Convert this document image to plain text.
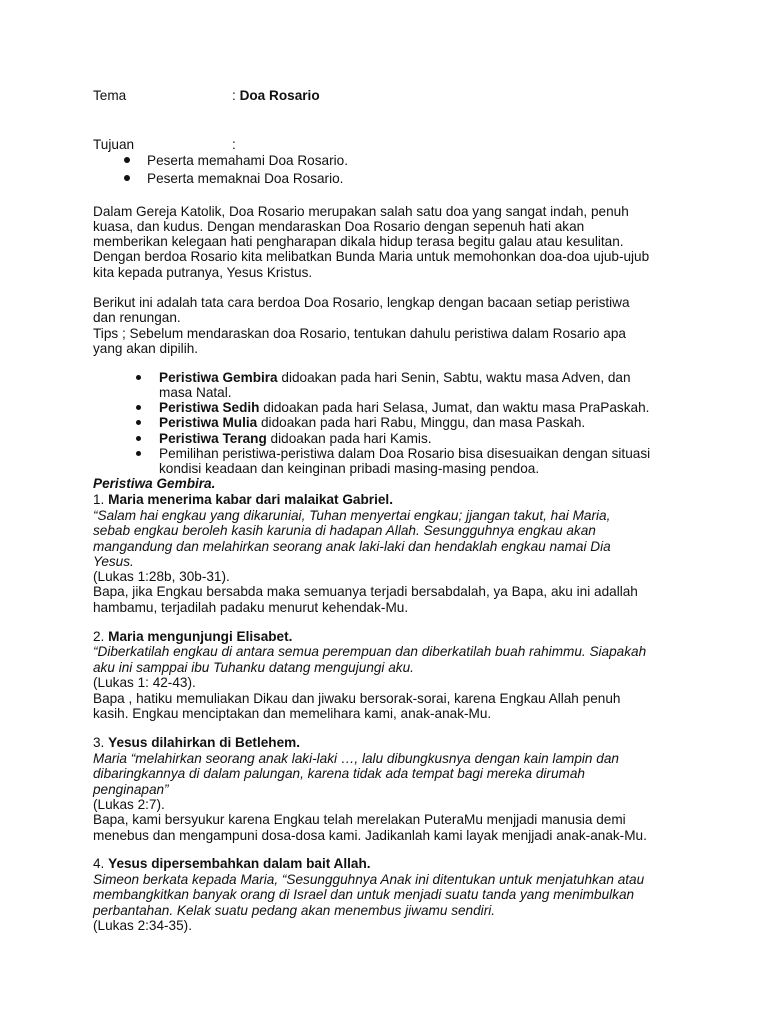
Tema	: Doa Rosario
Tujuan	:
Peserta memahami Doa Rosario.
Peserta memaknai Doa Rosario.
Dalam Gereja Katolik, Doa Rosario merupakan salah satu doa yang sangat indah, penuh
kuasa, dan kudus. Dengan mendaraskan Doa Rosario dengan sepenuh hati akan
memberikan kelegaan hati pengharapan dikala hidup terasa begitu galau atau kesulitan.
Dengan berdoa Rosario kita melibatkan Bunda Maria untuk memohonkan doa-doa ujub-ujub
kita kepada putranya, Yesus Kristus.
Berikut ini adalah tata cara berdoa Doa Rosario, lengkap dengan bacaan setiap peristiwa
dan renungan.
Tips ; Sebelum mendaraskan doa Rosario, tentukan dahulu peristiwa dalam Rosario apa
yang akan dipilih.
Peristiwa Gembira didoakan pada hari Senin, Sabtu, waktu masa Adven, dan
masa Natal.
Peristiwa Sedih didoakan pada hari Selasa, Jumat, dan waktu masa PraPaskah.
Peristiwa Mulia didoakan pada hari Rabu, Minggu, dan masa Paskah.
Peristiwa Terang didoakan pada hari Kamis.
Pemilihan peristiwa-peristiwa dalam Doa Rosario bisa disesuaikan dengan situasi
kondisi keadaan dan keinginan pribadi masing-masing pendoa.
Peristiwa Gembira.
1. Maria menerima kabar dari malaikat Gabriel.
“Salam hai engkau yang dikaruniai, Tuhan menyertai engkau; jjangan takut, hai Maria,
sebab engkau beroleh kasih karunia di hadapan Allah. Sesungguhnya engkau akan
mangandung dan melahirkan seorang anak laki-laki dan hendaklah engkau namai Dia
Yesus.
(Lukas 1:28b, 30b-31).
Bapa, jika Engkau bersabda maka semuanya terjadi bersabdalah, ya Bapa, aku ini adallah
hambamu, terjadilah padaku menurut kehendak-Mu.
2. Maria mengunjungi Elisabet.
“Diberkatilah engkau di antara semua perempuan dan diberkatilah buah rahimmu. Siapakah
aku ini samppai ibu Tuhanku datang mengujungi aku.
(Lukas 1: 42-43).
Bapa , hatiku memuliakan Dikau dan jiwaku bersorak-sorai, karena Engkau Allah penuh
kasih. Engkau menciptakan dan memelihara kami, anak-anak-Mu.
3. Yesus dilahirkan di Betlehem.
Maria “melahirkan seorang anak laki-laki …, lalu dibungkusnya dengan kain lampin dan
dibaringkannya di dalam palungan, karena tidak ada tempat bagi mereka dirumah
penginapan”
(Lukas 2:7).
Bapa, kami bersyukur karena Engkau telah merelakan PuteraMu menjjadi manusia demi
menebus dan mengampuni dosa-dosa kami. Jadikanlah kami layak menjjadi anak-anak-Mu.
4. Yesus dipersembahkan dalam bait Allah.
Simeon berkata kepada Maria, “Sesungguhnya Anak ini ditentukan untuk menjatuhkan atau
membangkitkan banyak orang di Israel dan untuk menjadi suatu tanda yang menimbulkan
perbantahan. Kelak suatu pedang akan menembus jiwamu sendiri.
(Lukas 2:34-35).
